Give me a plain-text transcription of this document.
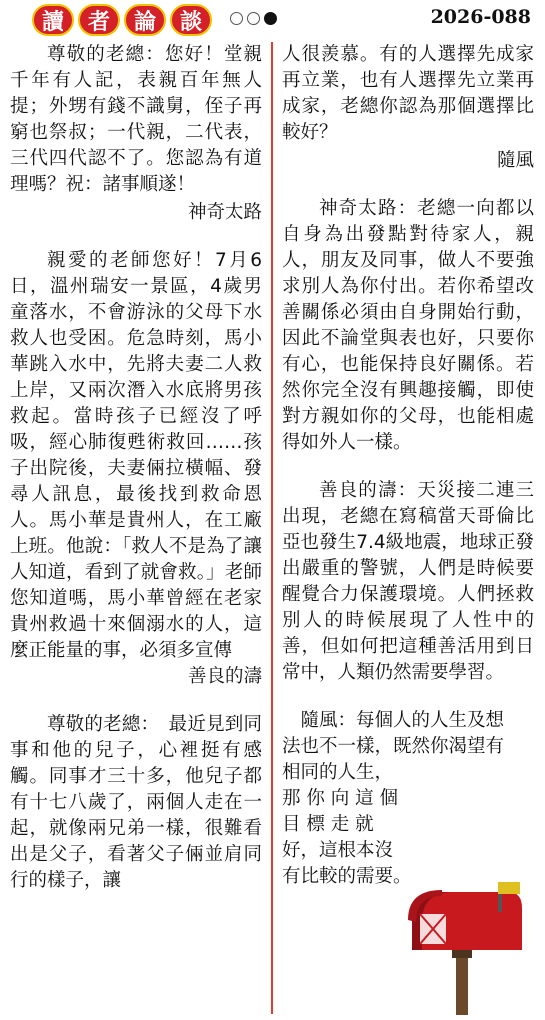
讀	者	論	談	2026-088

尊敬的老總：您好！堂親千年有人記，表親百年無人提；外甥有錢不識舅，侄子再窮也祭叔；一代親，二代表，三代四代認不了。您認為有道理嗎？祝：諸事順遂！

神奇太路

親愛的老師您好！7月6日，溫州瑞安一景區，4歲男童落水，不會游泳的父母下水救人也受困。危急時刻，馬小華跳入水中，先將夫妻二人救上岸，又兩次潛入水底將男孩救起。當時孩子已經沒了呼吸，經心肺復甦術救回……孩子出院後，夫妻倆拉橫幅、發尋人訊息，最後找到救命恩人。馬小華是貴州人，在工廠上班。他說：「救人不是為了讓人知道，看到了就會救。」老師您知道嗎，馬小華曾經在老家貴州救過十來個溺水的人，這麼正能量的事，必須多宣傳

善良的濤

尊敬的老總：　最近見到同事和他的兒子，心裡挺有感觸。同事才三十多，他兒子都有十七八歲了，兩個人走在一起，就像兩兄弟一樣，很難看出是父子，看著父子倆並肩同行的樣子，讓

人很羨慕。有的人選擇先成家再立業，也有人選擇先立業再成家，老總你認為那個選擇比較好？

隨風

神奇太路：老總一向都以自身為出發點對待家人，親人，朋友及同事，做人不要強求別人為你付出。若你希望改善關係必須由自身開始行動，因此不論堂與表也好，只要你有心，也能保持良好關係。若然你完全沒有興趣接觸，即使對方親如你的父母，也能相處得如外人一樣。

善良的濤：天災接二連三出現，老總在寫稿當天哥倫比亞也發生7.4級地震，地球正發出嚴重的警號，人們是時候要醒覺合力保護環境。人們拯救別人的時候展現了人性中的善，但如何把這種善活用到日常中，人類仍然需要學習。

隨風：每個人的人生及想
法也不一樣，既然你渴望有
相同的人生，
那 你 向 這 個
目 標 走 就
好，這根本沒
有比較的需要。
